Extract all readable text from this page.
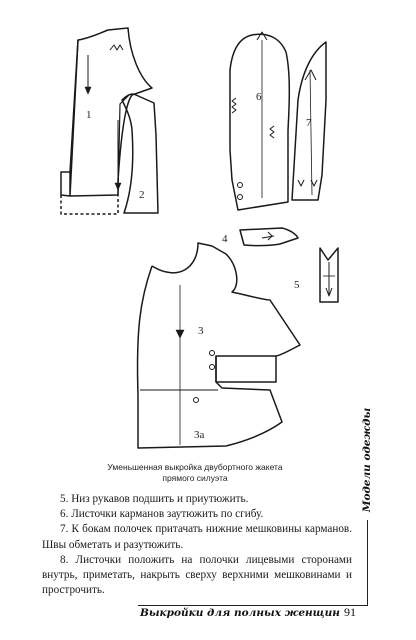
1
2
6
7
4
5
3
3а
Уменьшенная выкройка двубортного жакета
прямого силуэта

5. Низ рукавов подшить и приутюжить.

6. Листочки карманов заутюжить по сгибу.

7. К бокам полочек притачать нижние мешковины карманов. Швы обметать и разутюжить.

8. Листочки положить на полочки лицевыми сторонами внутрь, приметать, накрыть сверху верхними мешковинами и прострочить.

Модели одежды
Выкройки для полных женщин 91
